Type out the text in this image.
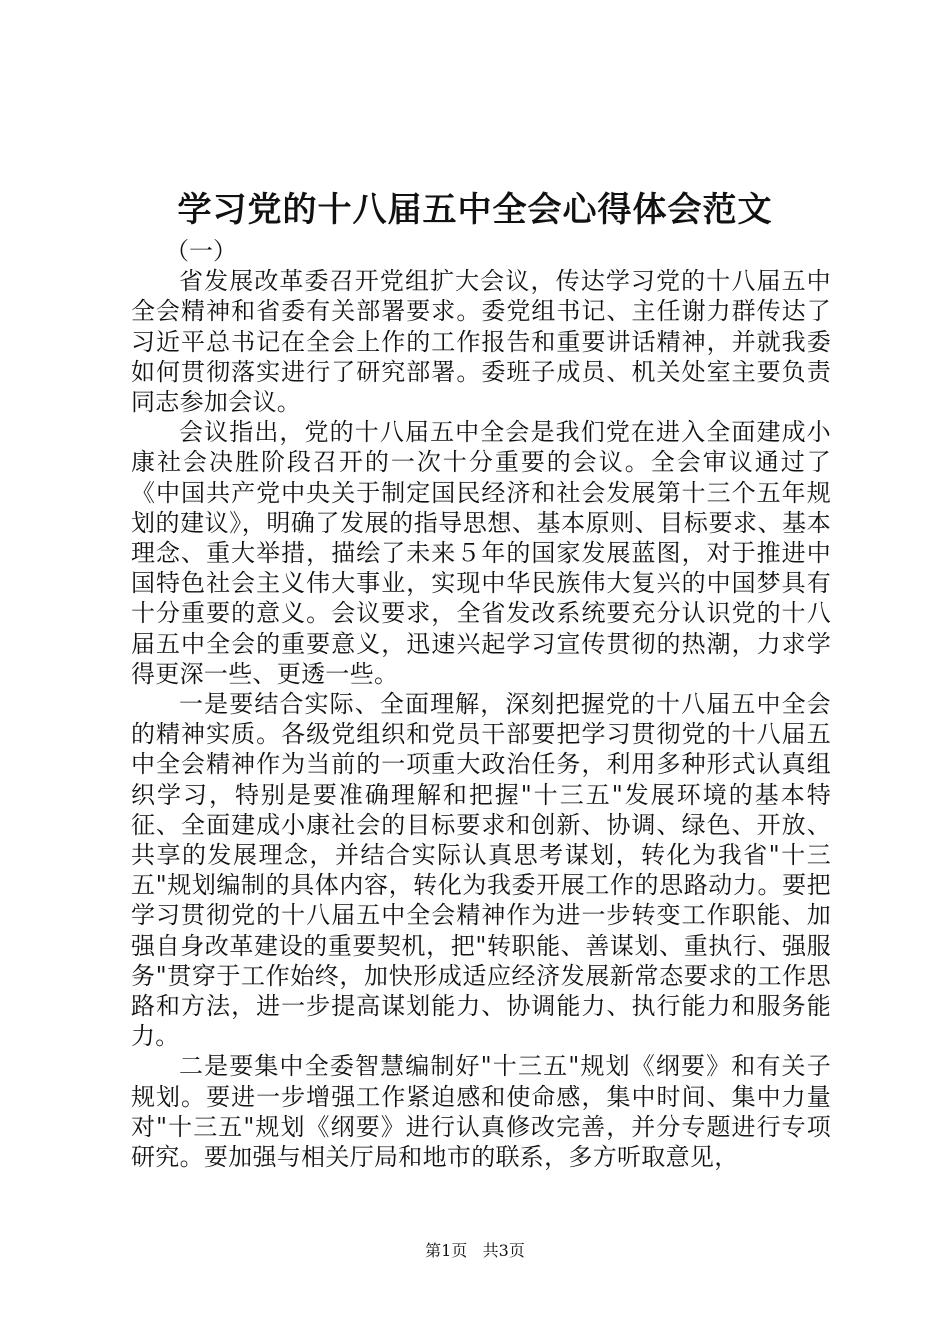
学习党的十八届五中全会心得体会范文

（一）

省发展改革委召开党组扩大会议，传达学习党的十八届五中全会精神和省委有关部署要求。委党组书记、主任谢力群传达了习近平总书记在全会上作的工作报告和重要讲话精神，并就我委如何贯彻落实进行了研究部署。委班子成员、机关处室主要负责同志参加会议。

会议指出，党的十八届五中全会是我们党在进入全面建成小康社会决胜阶段召开的一次十分重要的会议。全会审议通过了《中国共产党中央关于制定国民经济和社会发展第十三个五年规划的建议》，明确了发展的指导思想、基本原则、目标要求、基本理念、重大举措，描绘了未来５年的国家发展蓝图，对于推进中国特色社会主义伟大事业，实现中华民族伟大复兴的中国梦具有十分重要的意义。会议要求，全省发改系统要充分认识党的十八届五中全会的重要意义，迅速兴起学习宣传贯彻的热潮，力求学得更深一些、更透一些。

一是要结合实际、全面理解，深刻把握党的十八届五中全会的精神实质。各级党组织和党员干部要把学习贯彻党的十八届五中全会精神作为当前的一项重大政治任务，利用多种形式认真组织学习，特别是要准确理解和把握"十三五"发展环境的基本特征、全面建成小康社会的目标要求和创新、协调、绿色、开放、共享的发展理念，并结合实际认真思考谋划，转化为我省"十三五"规划编制的具体内容，转化为我委开展工作的思路动力。要把学习贯彻党的十八届五中全会精神作为进一步转变工作职能、加强自身改革建设的重要契机，把"转职能、善谋划、重执行、强服务"贯穿于工作始终，加快形成适应经济发展新常态要求的工作思路和方法，进一步提高谋划能力、协调能力、执行能力和服务能力。

二是要集中全委智慧编制好"十三五"规划《纲要》和有关子规划。要进一步增强工作紧迫感和使命感，集中时间、集中力量对"十三五"规划《纲要》进行认真修改完善，并分专题进行专项研究。要加强与相关厅局和地市的联系，多方听取意见，

第1页 共3页
